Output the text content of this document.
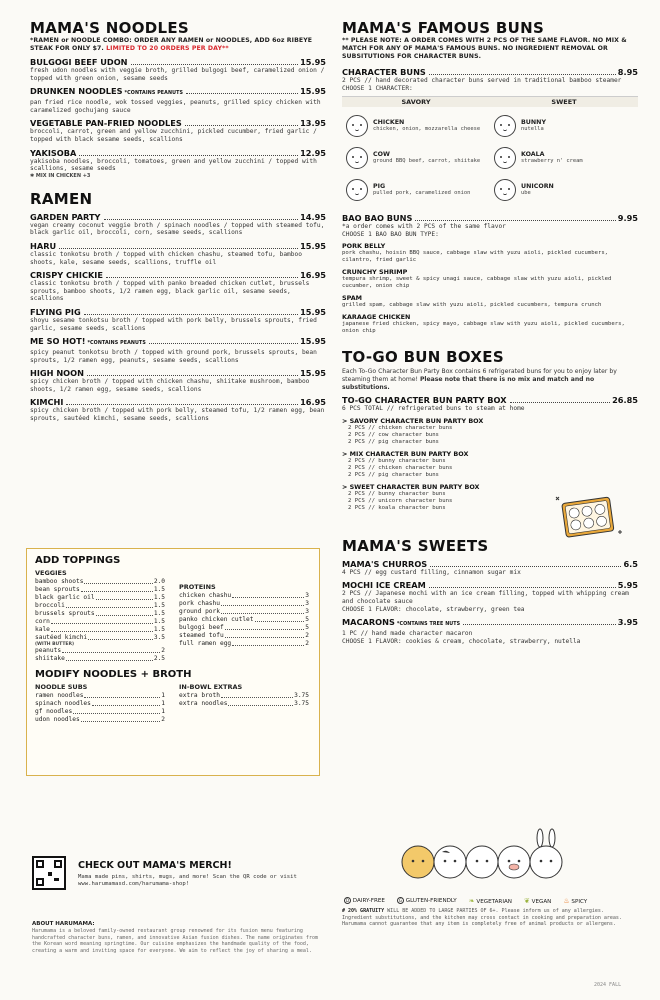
MAMA'S NOODLES
*RAMEN or NOODLE COMBO: ORDER ANY RAMEN or NOODLES, ADD 6oz RIBEYE STEAK FOR ONLY $7. LIMITED TO 20 ORDERS PER DAY**
BULGOGI BEEF UDON	15.95
fresh udon noodles with veggie broth, grilled bulgogi beef, caramelized onion / topped with green onion, sesame seeds
DRUNKEN NOODLES *CONTAINS PEANUTS	15.95
pan fried rice noodle, wok tossed veggies, peanuts, grilled spicy chicken with caramelized gochujang sauce
VEGETABLE PAN-FRIED NOODLES	13.95
broccoli, carrot, green and yellow zucchini, pickled cucumber, fried garlic / topped with black sesame seeds, scallions
YAKISOBA	12.95
yakisoba noodles, broccoli, tomatoes, green and yellow zucchini / topped with scallions, sesame seeds
✱ MIX IN CHICKEN +3
RAMEN
GARDEN PARTY	14.95
vegan creamy coconut veggie broth / spinach noodles / topped with steamed tofu, black garlic oil, broccoli, corn, sesame seeds, scallions
HARU	15.95
classic tonkotsu broth / topped with chicken chashu, steamed tofu, bamboo shoots, kale, sesame seeds, scallions, truffle oil
CRISPY CHICKIE	16.95
classic tonkotsu broth / topped with panko breaded chicken cutlet, brussels sprouts, bamboo shoots, 1/2 ramen egg, black garlic oil, sesame seeds, scallions
FLYING PIG	15.95
shoyu sesame tonkotsu broth / topped with pork belly, brussels sprouts, fried garlic, sesame seeds, scallions
ME SO HOT! *CONTAINS PEANUTS	15.95
spicy peanut tonkotsu broth / topped with ground pork, brussels sprouts, bean sprouts, 1/2 ramen egg, peanuts, sesame seeds, scallions
HIGH NOON	15.95
spicy chicken broth / topped with chicken chashu, shiitake mushroom, bamboo shoots, 1/2 ramen egg, sesame seeds, scallions
KIMCHI	16.95
spicy chicken broth / topped with pork belly, steamed tofu, 1/2 ramen egg, bean sprouts, sautéed kimchi, sesame seeds, scallions
ADD TOPPINGS
VEGGIES
bamboo shoots	2.0
bean sprouts	1.5
black garlic oil	1.5
broccoli	1.5
brussels sprouts	1.5
corn	1.5
kale	1.5
sautéed kimchi	3.5
(WITH BUTTER)
peanuts	2
shiitake	2.5
PROTEINS
chicken chashu	3
pork chashu	3
ground pork	3
panko chicken cutlet	5
bulgogi beef	5
steamed tofu	2
full ramen egg	2
MODIFY NOODLES + BROTH
NOODLE SUBS
ramen noodles	1
spinach noodles	1
gf noodles	1
udon noodles	2
IN-BOWL EXTRAS
extra broth	3.75
extra noodles	3.75
MAMA'S FAMOUS BUNS
** PLEASE NOTE: A ORDER COMES WITH 2 PCS OF THE SAME FLAVOR. NO MIX & MATCH FOR ANY OF MAMA'S FAMOUS BUNS. NO INGREDIENT REMOVAL OR SUBSITUTIONS FOR CHARACTER BUNS.
CHARACTER BUNS	8.95
2 PCS // hand decorated character buns served in traditional bamboo steamer
CHOOSE 1 CHARACTER:
SAVORY	SWEET
CHICKEN
chicken, onion, mozzarella cheese
COW
ground BBQ beef, carrot, shiitake
PIG
pulled pork, caramelized onion
BUNNY
nutella
KOALA
strawberry n' cream
UNICORN
ube
BAO BAO BUNS	9.95
*a order comes with 2 PCS of the same flavor
CHOOSE 1 BAO BAO BUN TYPE:
PORK BELLY
pork chashu, hoisin BBQ sauce, cabbage slaw with yuzu aioli, pickled cucumbers, cilantro, fried garlic
CRUNCHY SHRIMP
tempura shrimp, sweet & spicy unagi sauce, cabbage slaw with yuzu aioli, pickled cucumber, onion chip
SPAM
grilled spam, cabbage slaw with yuzu aioli, pickled cucumbers, tempura crunch
KARAAGE CHICKEN
japanese fried chicken, spicy mayo, cabbage slaw with yuzu aioli, pickled cucumbers, onion chip
TO-GO BUN BOXES
Each To-Go Character Bun Party Box contains 6 refrigerated buns for you to enjoy later by steaming them at home! Please note that there is no mix and match and no substitutions.
TO-GO CHARACTER BUN PARTY BOX	26.85
6 PCS TOTAL // refrigerated buns to steam at home
> SAVORY CHARACTER BUN PARTY BOX
2 PCS // chicken character buns
2 PCS // cow character buns
2 PCS // pig character buns
> MIX CHARACTER BUN PARTY BOX
2 PCS // bunny character buns
2 PCS // chicken character buns
2 PCS // pig character buns
> SWEET CHARACTER BUN PARTY BOX
2 PCS // bunny character buns
2 PCS // unicorn character buns
2 PCS // koala character buns
MAMA'S SWEETS
MAMA'S CHURROS	6.5
4 PCS // egg custard filling, cinnamon sugar mix
MOCHI ICE CREAM	5.95
2 PCS // Japanese mochi with an ice cream filling, topped with whipping cream and chocolate sauce
CHOOSE 1 FLAVOR: chocolate, strawberry, green tea
MACARONS *CONTAINS TREE NUTS	3.95
1 PC // hand made character macaron
CHOOSE 1 FLAVOR: cookies & cream, chocolate, strawberry, nutella
CHECK OUT MAMA'S MERCH!
Mama made pins, shirts, mugs, and more! Scan the QR code or visit www.harumamasd.com/harumama-shop!
ABOUT HARUMAMA:
Harumama is a beloved family-owned restaurant group renowned for its fusion menu featuring handcrafted character buns, ramen, and innovative Asian fusion dishes. The name originates from the Korean word meaning springtime. Our cuisine emphasizes the handmade quality of the food, creating a warm and inviting space for everyone. We aim to reflect the joy of sharing a meal.
D DAIRY-FREE	G GLUTEN-FRIENDLY ❧ VEGETARIAN ❦ VEGAN ♨ SPICY
# 20% GRATUITY WILL BE ADDED TO LARGE PARTIES OF 6+. Please inform us of any allergies. Ingredient substitutions, and the kitchen may cross contact in cooking and preparation areas. Harumama cannot guarantee that any item is completely free of animal products or allergens.
2024 FALL
